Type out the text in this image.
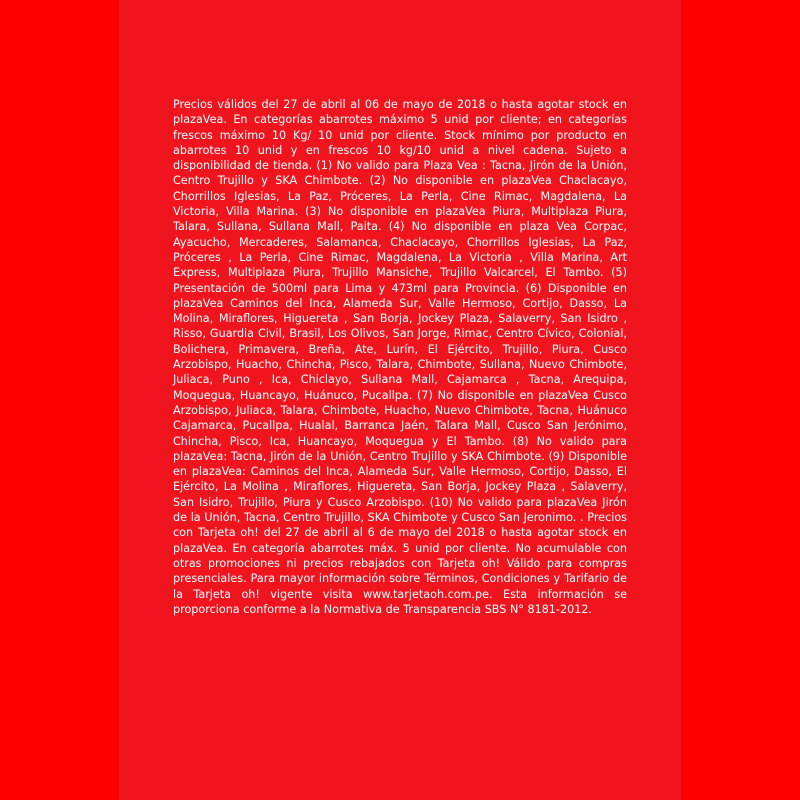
Precios válidos del 27 de abril al 06 de mayo de 2018 o hasta agotar stock en plazaVea. En categorías abarrotes máximo 5 unid por cliente; en categorías frescos máximo 10 Kg/ 10 unid por cliente. Stock mínimo por producto en abarrotes 10 unid y en frescos 10 kg/10 unid a nivel cadena. Sujeto a disponibilidad de tienda. (1) No valido para Plaza Vea : Tacna, Jirón de la Unión, Centro Trujillo y SKA Chimbote. (2) No disponible en plazaVea Chaclacayo, Chorrillos Iglesias, La Paz, Próceres, La Perla, Cine Rimac, Magdalena, La Victoria, Villa Marina. (3) No disponible en plazaVea Piura, Multiplaza Piura, Talara, Sullana, Sullana Mall, Paita. (4) No disponible en plaza Vea Corpac, Ayacucho, Mercaderes, Salamanca, Chaclacayo, Chorrillos Iglesias, La Paz, Próceres , La Perla, Cine Rimac, Magdalena, La Victoria , Villa Marina, Art Express, Multiplaza Piura, Trujillo Mansiche, Trujillo Valcarcel, El Tambo. (5) Presentación de 500ml para Lima y 473ml para Provincia. (6) Disponible en plazaVea Caminos del Inca, Alameda Sur, Valle Hermoso, Cortijo, Dasso, La Molina, Miraflores, Higuereta , San Borja, Jockey Plaza, Salaverry, San Isidro , Risso, Guardia Civil, Brasil, Los Olivos, San Jorge, Rimac, Centro Cívico, Colonial, Bolichera, Primavera, Breña, Ate, Lurín, El Ejército, Trujillo, Piura, Cusco Arzobispo, Huacho, Chincha, Pisco, Talara, Chimbote, Sullana, Nuevo Chimbote, Juliaca, Puno , Ica, Chiclayo, Sullana Mall, Cajamarca , Tacna, Arequipa, Moquegua, Huancayo, Huánuco, Pucallpa. (7) No disponible en plazaVea Cusco Arzobispo, Juliaca, Talara, Chimbote, Huacho, Nuevo Chimbote, Tacna, Huánuco Cajamarca, Pucallpa, Hualal, Barranca Jaén, Talara Mall, Cusco San Jerónimo, Chincha, Pisco, Ica, Huancayo, Moquegua y El Tambo. (8) No valido para plazaVea: Tacna, Jirón de la Unión, Centro Trujillo y SKA Chimbote. (9) Disponible en plazaVea: Caminos del Inca, Alameda Sur, Valle Hermoso, Cortijo, Dasso, El Ejército, La Molina , Miraflores, Higuereta, San Borja, Jockey Plaza , Salaverry, San Isidro, Trujillo, Piura y Cusco Arzobispo. (10) No valido para plazaVea Jirón de la Unión, Tacna, Centro Trujillo, SKA Chimbote y Cusco San Jeronimo. . Precios con Tarjeta oh! del 27 de abril al 6 de mayo del 2018 o hasta agotar stock en plazaVea. En categoría abarrotes máx. 5 unid por cliente. No acumulable con otras promociones ni precios rebajados con Tarjeta oh! Válido para compras presenciales. Para mayor información sobre Términos, Condiciones y Tarifario de la Tarjeta oh! vigente visita www.tarjetaoh.com.pe. Esta información se proporciona conforme a la Normativa de Transparencia SBS N° 8181-2012.
